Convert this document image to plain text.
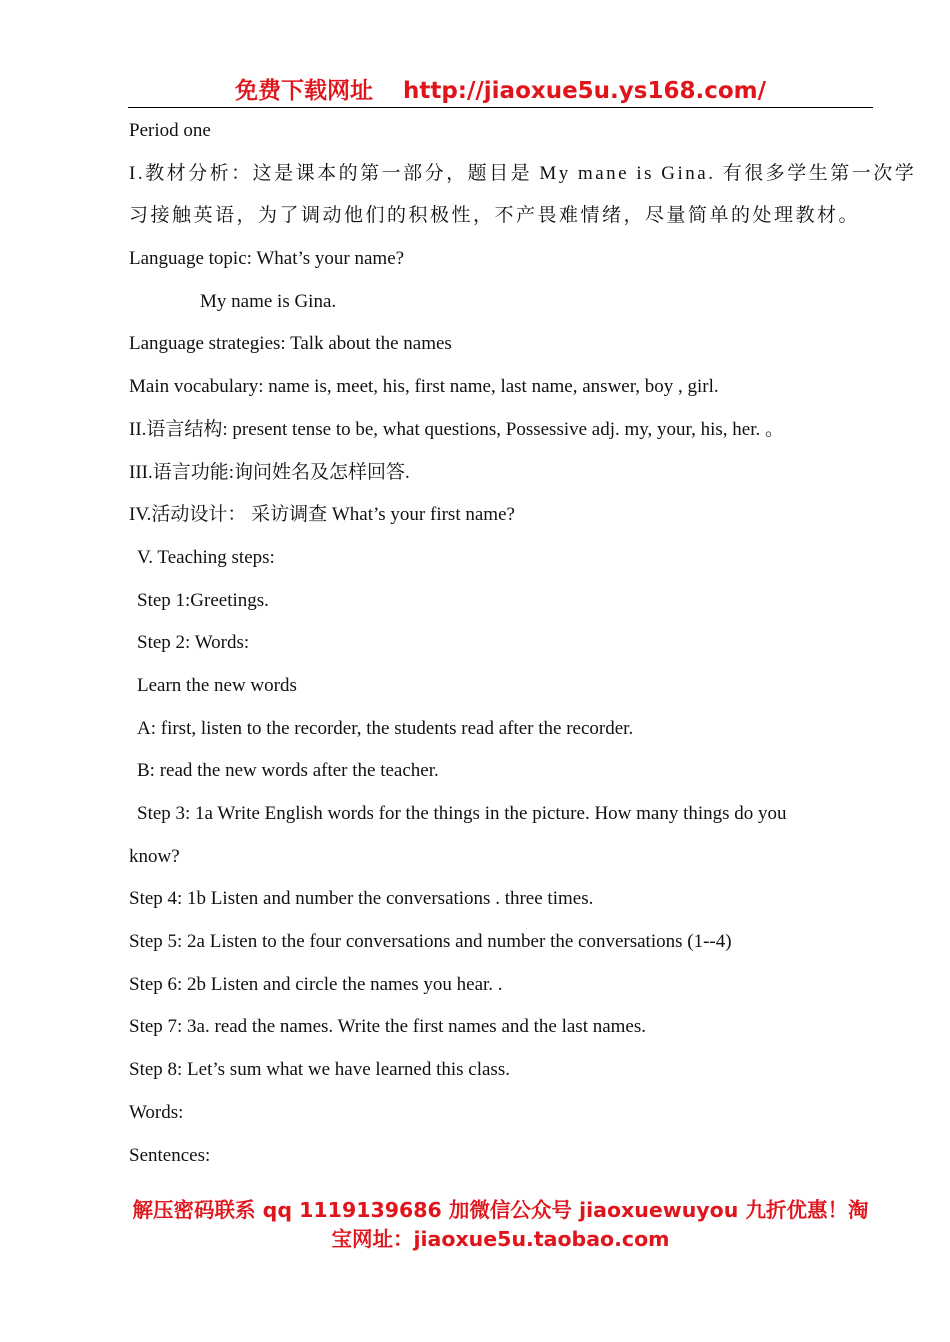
免费下载网址 http://jiaoxue5u.ys168.com/
Period one
I.教材分析：这是课本的第一部分，题目是 My mane is Gina. 有很多学生第一次学
习接触英语，为了调动他们的积极性，不产畏难情绪，尽量简单的处理教材。
Language topic: What’s your name?
My name is Gina.
Language strategies: Talk about the names
Main vocabulary: name is, meet, his, first name, last name, answer, boy , girl.
II.语言结构: present tense to be, what questions, Possessive adj. my, your, his, her. 。
III.语言功能:询问姓名及怎样回答.
IV.活动设计： 采访调查 What’s your first name?
V. Teaching steps:
Step 1:Greetings.
Step 2: Words:
Learn the new words
A: first, listen to the recorder, the students read after the recorder.
B: read the new words after the teacher.
Step 3: 1a Write English words for the things in the picture. How many things do you
know?
Step 4: 1b Listen and number the conversations . three times.
Step 5: 2a Listen to the four conversations and number the conversations (1--4)
Step 6: 2b Listen and circle the names you hear. .
Step 7: 3a. read the names. Write the first names and the last names.
Step 8: Let’s sum what we have learned this class.
Words:
Sentences:
解压密码联系 qq 1119139686 加微信公众号 jiaoxuewuyou 九折优惠！淘宝网址：jiaoxue5u.taobao.com
